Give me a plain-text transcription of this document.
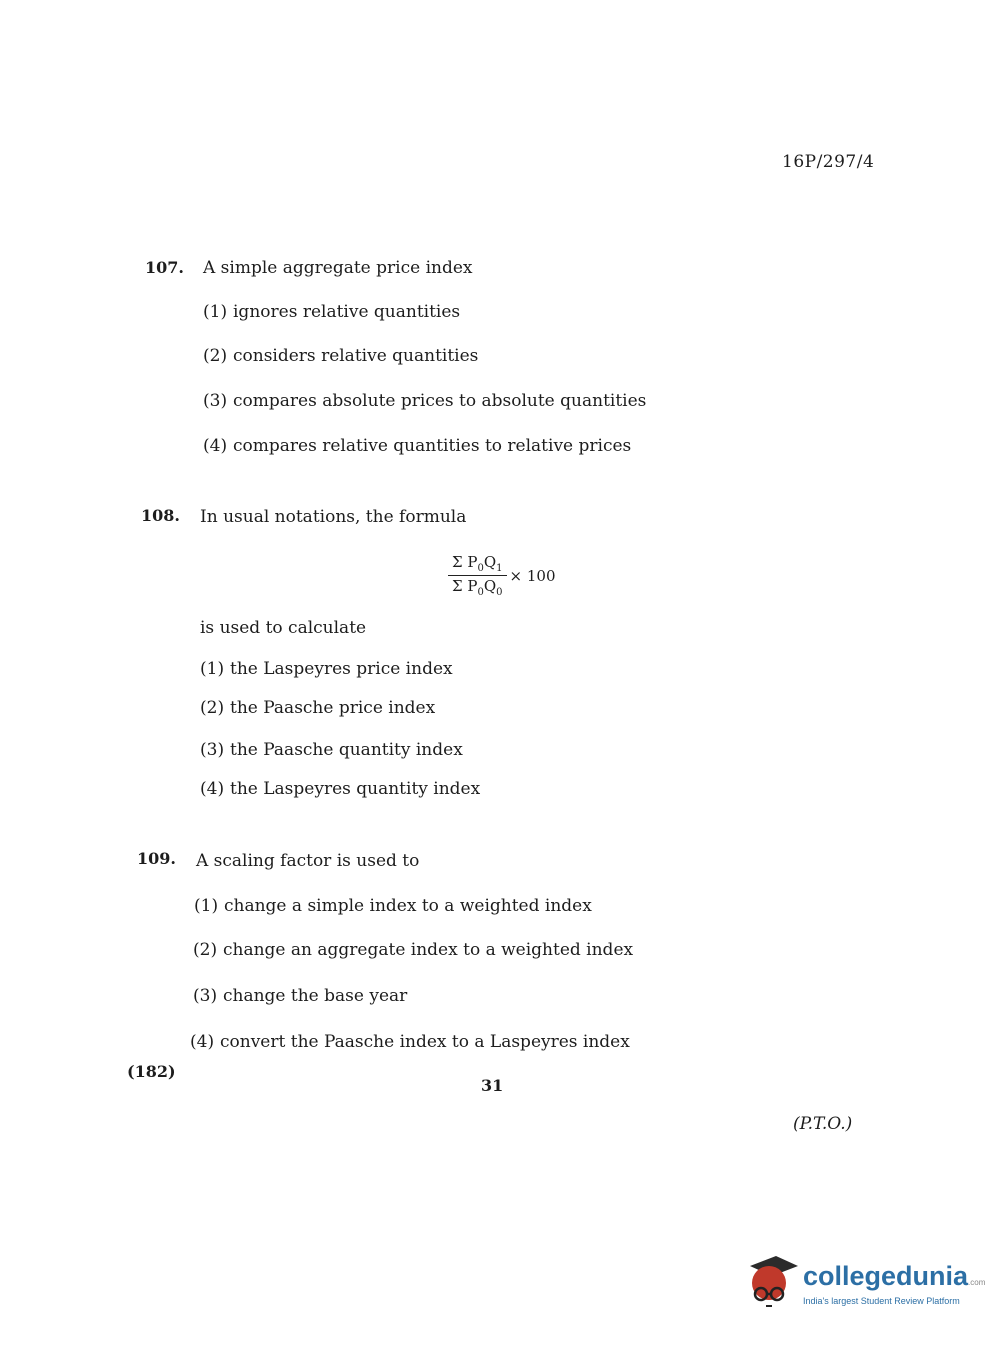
16P/297/4
107. A simple aggregate price index
(1) ignores relative quantities
(2) considers relative quantities
(3) compares absolute prices to absolute quantities
(4) compares relative quantities to relative prices
108. In usual notations, the formula
$\frac{\Sigma P_0Q_1}{\Sigma P_0Q_0} \times 100$
is used to calculate
(1) the Laspeyres price index
(2) the Paasche price index
(3) the Paasche quantity index
(4) the Laspeyres quantity index
109. A scaling factor is used to
(1) change a simple index to a weighted index
(2) change an aggregate index to a weighted index
(3) change the base year
(4) convert the Paasche index to a Laspeyres index
(182)
31
(P.T.O.)
collegedunia.com
India's largest Student Review Platform
